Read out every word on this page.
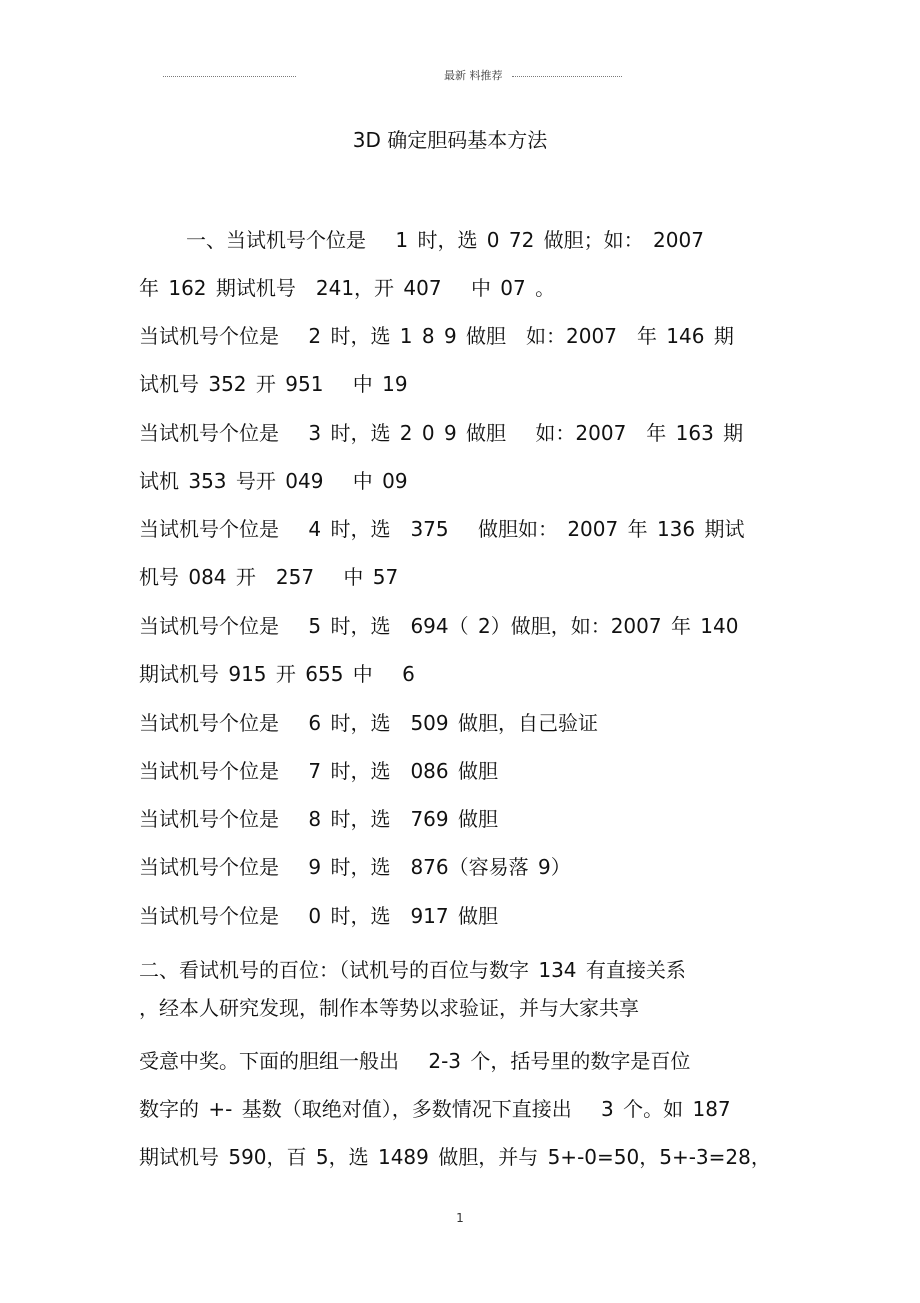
最新 料推荐
3D 确定胆码基本方法
一、当试机号个位是　 1 时，选 0 72 做胆；如： 2007
年 162 期试机号　241，开 407　 中 07 。
当试机号个位是　 2 时，选 1 8 9 做胆　如：2007　年 146 期
试机号 352 开 951　 中 19
当试机号个位是　 3 时，选 2 0 9 做胆　 如：2007　年 163 期
试机 353 号开 049　 中 09
当试机号个位是　 4 时，选　375　 做胆如： 2007 年 136 期试
机号 084 开　257　 中 57
当试机号个位是　 5 时，选　694（ 2）做胆，如：2007 年 140
期试机号 915 开 655 中　 6
当试机号个位是　 6 时，选　509 做胆，自己验证
当试机号个位是　 7 时，选　086 做胆
当试机号个位是　 8 时，选　769 做胆
当试机号个位是　 9 时，选　876（容易落 9）
当试机号个位是　 0 时，选　917 做胆
二、看试机号的百位：（试机号的百位与数字 134 有直接关系
，经本人研究发现，制作本等势以求验证，并与大家共享
受意中奖。下面的胆组一般出　 2-3 个，括号里的数字是百位
数字的 +- 基数（取绝对值），多数情况下直接出　 3 个。如 187
期试机号 590，百 5，选 1489 做胆，并与 5+-0=50，5+-3=28，
1
